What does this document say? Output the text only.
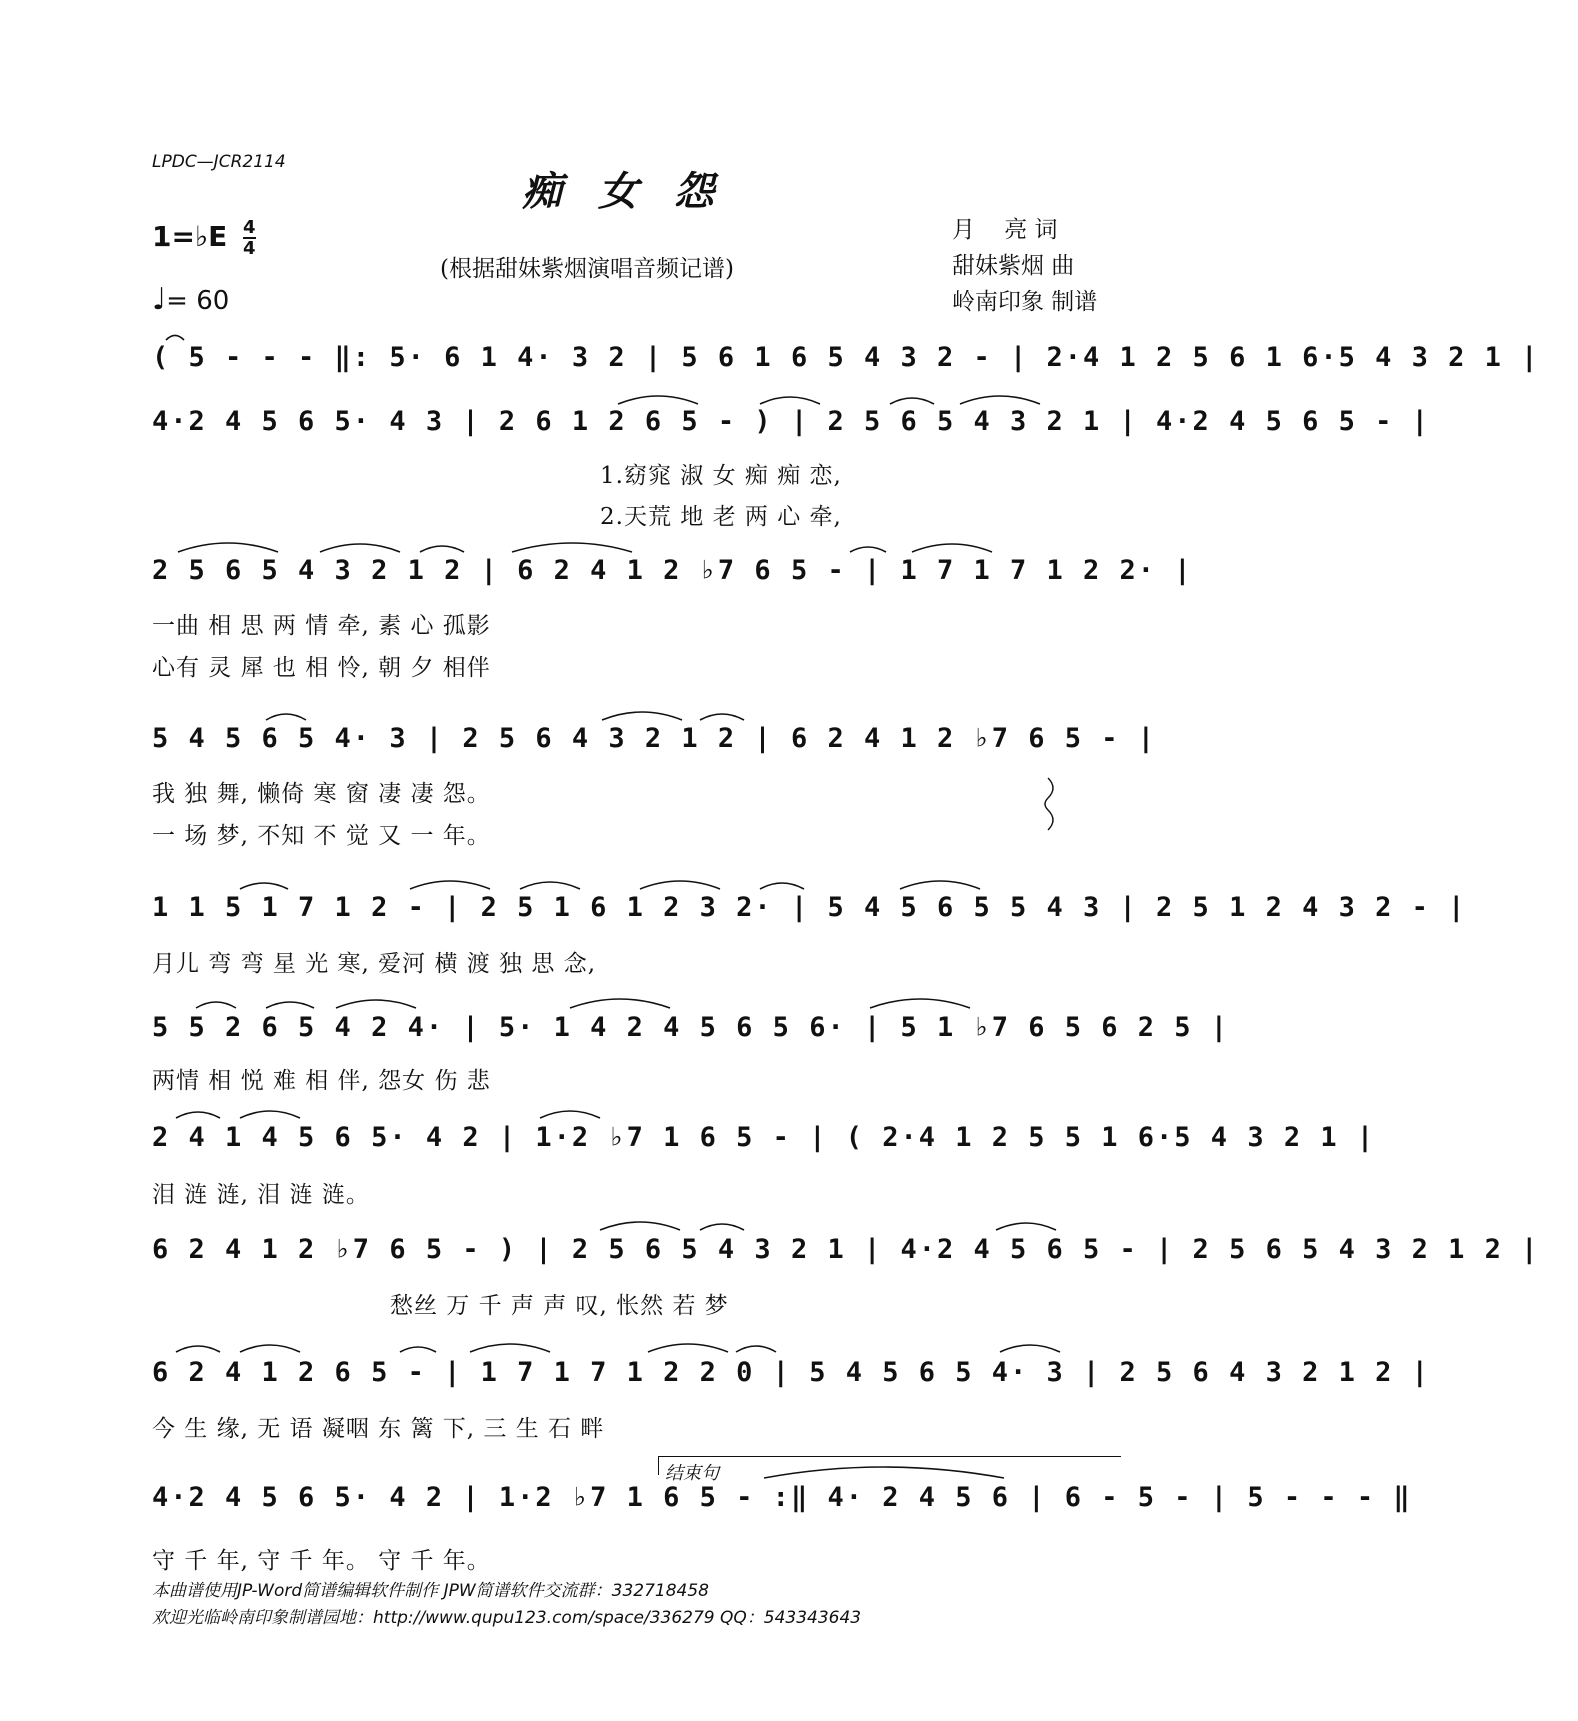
LPDC—JCR2114
痴女怨
(根据甜妹紫烟演唱音频记谱)
1=♭E $\frac{4}{4}$
♩= 60
月    亮 词
甜妹紫烟 曲
岭南印象 制谱
( 5 - - - ‖: 5· 6 1 4· 3 2 | 5 6 1 6 5 4 3 2 - | 2·4 1 2 5 6 1 6·5 4 3 2 1 |
4·2 4 5 6 5· 4 3 | 2 6 1 2 6 5 - ) | 2 5 6 5 4 3 2 1 | 4·2 4 5 6 5 - |
1.窈窕 淑 女 痴 痴 恋,
2.天荒 地 老 两 心 牵,
2 5 6 5 4 3 2 1 2 | 6 2 4 1 2 ♭7 6 5 - | 1 7 1 7 1 2 2· |
一曲 相 思 两 情 牵, 素 心 孤影
心有 灵 犀 也 相 怜, 朝 夕 相伴
5 4 5 6 5 4· 3 | 2 5 6 4 3 2 1 2 | 6 2 4 1 2 ♭7 6 5 - |
我 独 舞, 懒倚 寒 窗 凄 凄 怨。
一 场 梦, 不知 不 觉 又 一 年。
1 1 5 1 7 1 2 - | 2 5 1 6 1 2 3 2· | 5 4 5 6 5 5 4 3 | 2 5 1 2 4 3 2 - |
月儿 弯 弯 星 光 寒, 爱河 横 渡 独 思 念,
5 5 2 6 5 4 2 4· | 5· 1 4 2 4 5 6 5 6· | 5 1 ♭7 6 5 6 2 5 |
两情 相 悦 难 相 伴, 怨女 伤 悲
2 4 1 4 5 6 5· 4 2 | 1·2 ♭7 1 6 5 - | ( 2·4 1 2 5 5 1 6·5 4 3 2 1 |
泪 涟 涟, 泪 涟 涟。
6 2 4 1 2 ♭7 6 5 - ) | 2 5 6 5 4 3 2 1 | 4·2 4 5 6 5 - | 2 5 6 5 4 3 2 1 2 |
愁丝 万 千 声 声 叹, 怅然 若 梦
6 2 4 1 2 6 5 - | 1 7 1 7 1 2 2 0 | 5 4 5 6 5 4· 3 | 2 5 6 4 3 2 1 2 |
今 生 缘, 无 语 凝咽 东 篱 下, 三 生 石 畔
结束句
4·2 4 5 6 5· 4 2 | 1·2 ♭7 1 6 5 - :‖ 4· 2 4 5 6 | 6 - 5 - | 5 - - - ‖
守 千 年, 守 千 年。 守 千 年。
本曲谱使用JP-Word简谱编辑软件制作 JPW简谱软件交流群：332718458
欢迎光临岭南印象制谱园地：http://www.qupu123.com/space/336279 QQ：543343643
